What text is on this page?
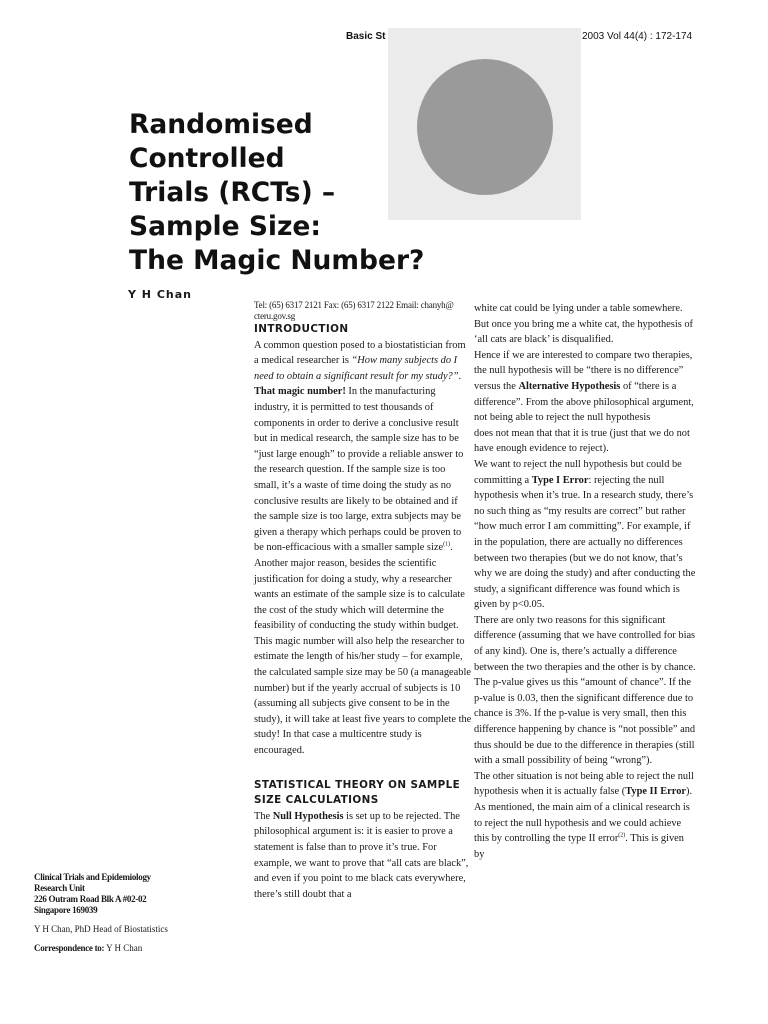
Basic St	2003 Vol 44(4) : 172-174
Randomised
Controlled
Trials (RCTs) –
Sample Size:
The Magic Number?
Y H Chan
Clinical Trials and Epidemiology
Research Unit
226 Outram Road Blk A #02-02
Singapore 169039
Y H Chan, PhD Head of Biostatistics
Correspondence to: Y H Chan

Tel: (65) 6317 2121 Fax: (65) 6317 2122 Email: chanyh@ cteru.gov.sg

INTRODUCTION

A common question posed to a biostatistician from a medical researcher is “How many subjects do I need to obtain a significant result for my study?”. That magic number! In the manufacturing industry, it is permitted to test thousands of components in order to derive a conclusive result but in medical research, the sample size has to be “just large enough” to provide a reliable answer to the research question. If the sample size is too small, it’s a waste of time doing the study as no conclusive results are likely to be obtained and if the sample size is too large, extra subjects may be given a therapy which perhaps could be proven to be non-efficacious with a smaller sample size$^{(1)}$.

Another major reason, besides the scientific justification for doing a study, why a researcher wants an estimate of the sample size is to calculate the cost of the study which will determine the feasibility of conducting the study within budget. This magic number will also help the researcher to estimate the length of his/her study – for example, the calculated sample size may be 50 (a manageable number) but if the yearly accrual of subjects is 10 (assuming all subjects give consent to be in the study), it will take at least five years to complete the study! In that case a multicentre study is encouraged.

STATISTICAL THEORY ON SAMPLE
SIZE CALCULATIONS

The Null Hypothesis is set up to be rejected. The philosophical argument is: it is easier to prove a statement is false than to prove it’s true. For example, we want to prove that “all cats are black”, and even if you point to me black cats everywhere, there’s still doubt that a

white cat could be lying under a table somewhere. But once you bring me a white cat, the hypothesis of ‘all cats are black’ is disqualified.

Hence if we are interested to compare two therapies, the null hypothesis will be “there is no difference” versus the Alternative Hypothesis of “there is a difference”. From the above philosophical argument, not being able to reject the null hypothesis

does not mean that that it is true (just that we do not have enough evidence to reject).

We want to reject the null hypothesis but could be committing a Type I Error: rejecting the null hypothesis when it’s true. In a research study, there’s no such thing as “my results are correct” but rather “how much error I am committing”. For example, if in the population, there are actually no differences between two therapies (but we do not know, that’s why we are doing the study) and after conducting the study, a significant difference was found which is given by p<0.05.

There are only two reasons for this significant difference (assuming that we have controlled for bias of any kind). One is, there’s actually a difference between the two therapies and the other is by chance. The p-value gives us this “amount of chance”. If the p-value is 0.03, then the significant difference due to chance is 3%. If the p-value is very small, then this difference happening by chance is “not possible” and thus should be due to the difference in therapies (still with a small possibility of being “wrong”).

The other situation is not being able to reject the null hypothesis when it is actually false (Type II Error). As mentioned, the main aim of a clinical research is to reject the null hypothesis and we could achieve this by controlling the type II error$^{(2)}$. This is given by
